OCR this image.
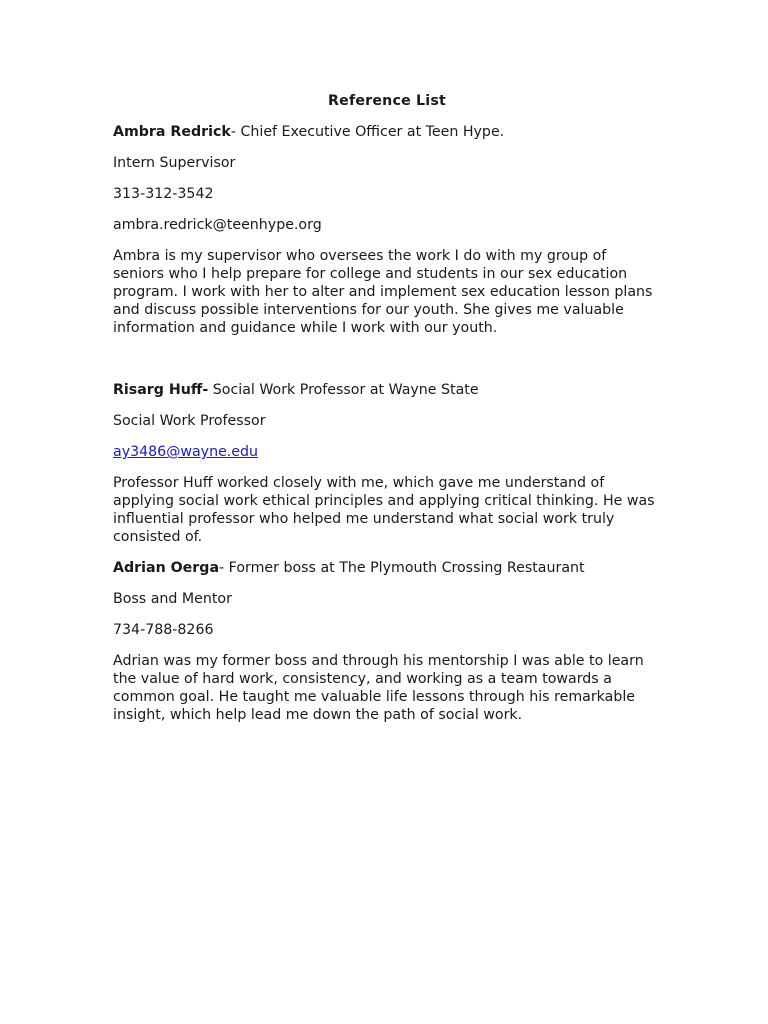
Reference List
Ambra Redrick- Chief Executive Officer at Teen Hype.
Intern Supervisor
313-312-3542
ambra.redrick@teenhype.org
Ambra is my supervisor who oversees the work I do with my group of seniors who I help prepare for college and students in our sex education program. I work with her to alter and implement sex education lesson plans and discuss possible interventions for our youth. She gives me valuable information and guidance while I work with our youth.
Risarg Huff- Social Work Professor at Wayne State
Social Work Professor
ay3486@wayne.edu
Professor Huff worked closely with me, which gave me understand of applying social work ethical principles and applying critical thinking. He was influential professor who helped me understand what social work truly consisted of.
Adrian Oerga- Former boss at The Plymouth Crossing Restaurant
Boss and Mentor
734-788-8266
Adrian was my former boss and through his mentorship I was able to learn the value of hard work, consistency, and working as a team towards a common goal. He taught me valuable life lessons through his remarkable insight, which help lead me down the path of social work.
